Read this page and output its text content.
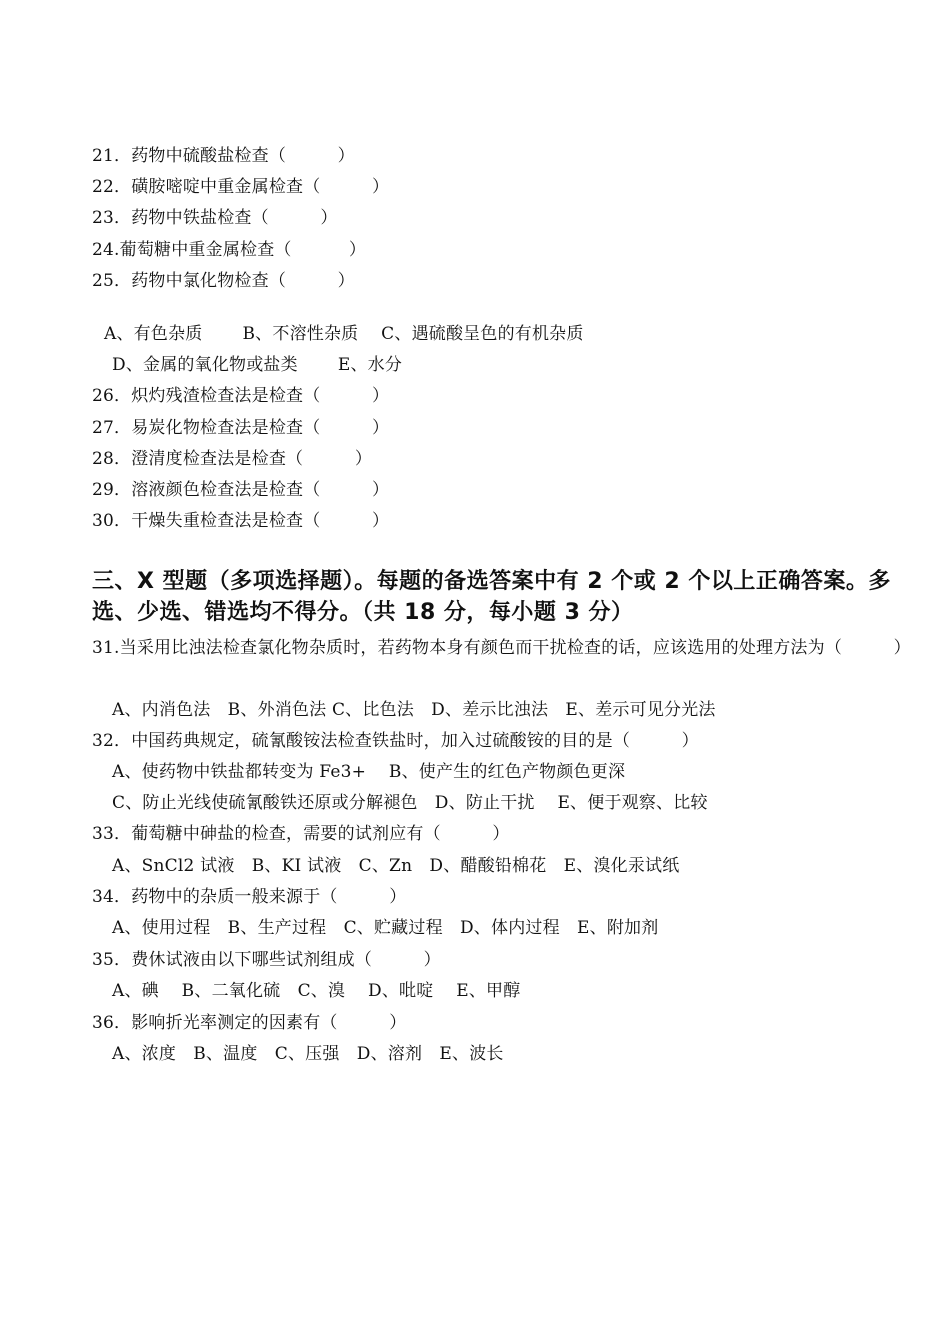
21．药物中硫酸盐检查（　　　）
22．磺胺嘧啶中重金属检查（　　　）
23．药物中铁盐检查（　　　）
24.葡萄糖中重金属检查（　　　 ）
25．药物中氯化物检查（　　　）
A、有色杂质　　 B、不溶性杂质　 C、遇硫酸呈色的有机杂质
D、金属的氧化物或盐类　　 E、水分
26．炽灼残渣检查法是检查（　　　）
27．易炭化物检查法是检查（　　　）
28．澄清度检查法是检查（　　　）
29．溶液颜色检查法是检查（　　　）
30．干燥失重检查法是检查（　　　）
三、X 型题（多项选择题）。每题的备选答案中有 2 个或 2 个以上正确答案。多选、少选、错选均不得分。（共 18 分，每小题 3 分）
31.当采用比浊法检查氯化物杂质时，若药物本身有颜色而干扰检查的话，应该选用的处理方法为（　　　）
A、内消色法　B、外消色法 C、比色法　D、差示比浊法　E、差示可见分光法
32．中国药典规定，硫氰酸铵法检查铁盐时，加入过硫酸铵的目的是（　　　）
A、使药物中铁盐都转变为 Fe3+　 B、使产生的红色产物颜色更深
C、防止光线使硫氰酸铁还原或分解褪色　D、防止干扰　 E、便于观察、比较
33．葡萄糖中砷盐的检查，需要的试剂应有（　　　）
A、SnCl2 试液　B、KI 试液　C、Zn　D、醋酸铅棉花　E、溴化汞试纸
34．药物中的杂质一般来源于（　　　）
A、使用过程　B、生产过程　C、贮藏过程　D、体内过程　E、附加剂
35．费休试液由以下哪些试剂组成（　　　）
A、碘　 B、二氧化硫　C、溴　 D、吡啶　 E、甲醇
36．影响折光率测定的因素有（　　　）
A、浓度　B、温度　C、压强　D、溶剂　E、波长
